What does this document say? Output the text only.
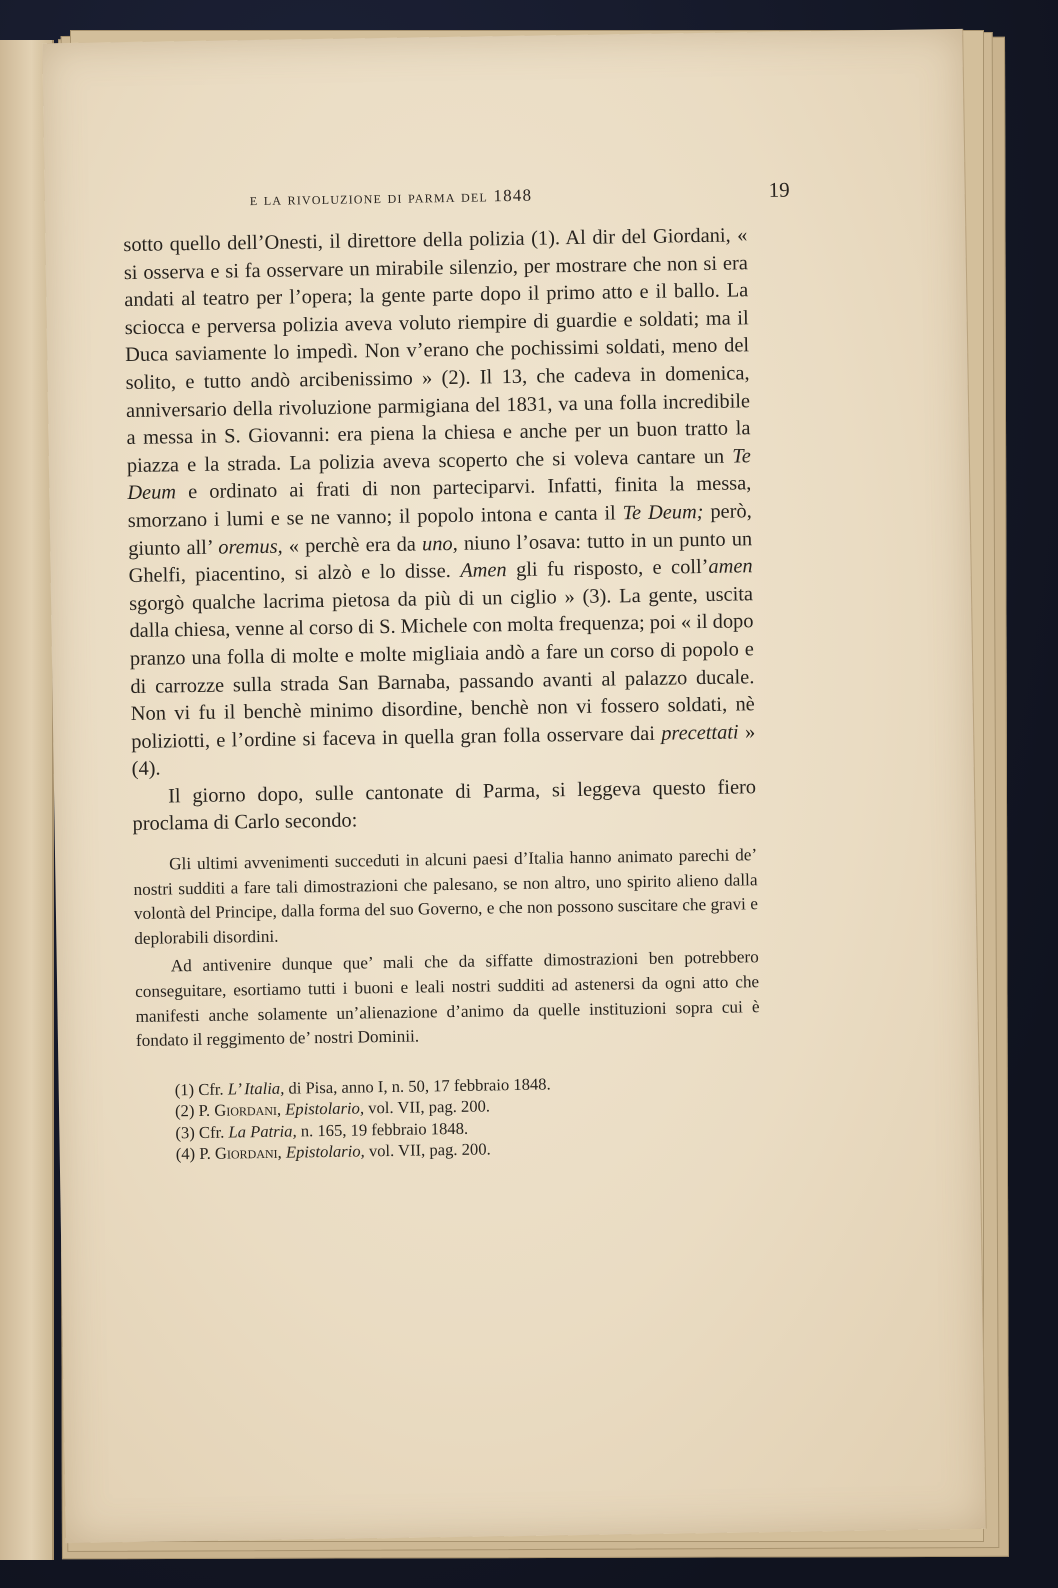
e la rivoluzione di parma del 1848	19

sotto quello dell’Onesti, il direttore della polizia (1). Al dir del Giordani, « si osserva e si fa osservare un mirabile silenzio, per mostrare che non si era andati al teatro per l’opera; la gente parte dopo il primo atto e il ballo. La sciocca e perversa polizia aveva voluto riempire di guardie e soldati; ma il Duca saviamente lo impedì. Non v’erano che pochissimi soldati, meno del solito, e tutto andò arcibenissimo » (2). Il 13, che cadeva in domenica, anniversario della rivoluzione parmigiana del 1831, va una folla incredibile a messa in S. Giovanni: era piena la chiesa e anche per un buon tratto la piazza e la strada. La polizia aveva scoperto che si voleva cantare un Te Deum e ordinato ai frati di non parteciparvi. Infatti, finita la messa, smorzano i lumi e se ne vanno; il popolo intona e canta il Te Deum; però, giunto all’ oremus, « perchè era da uno, niuno l’osava: tutto in un punto un Ghelfi, piacentino, si alzò e lo disse. Amen gli fu risposto, e coll’amen sgorgò qualche lacrima pietosa da più di un ciglio » (3). La gente, uscita dalla chiesa, venne al corso di S. Michele con molta frequenza; poi « il dopo pranzo una folla di molte e molte migliaia andò a fare un corso di popolo e di carrozze sulla strada San Barnaba, passando avanti al palazzo ducale. Non vi fu il benchè minimo disordine, benchè non vi fossero soldati, nè poliziotti, e l’ordine si faceva in quella gran folla osservare dai precettati » (4).

Il giorno dopo, sulle cantonate di Parma, si leggeva questo fiero proclama di Carlo secondo:

Gli ultimi avvenimenti succeduti in alcuni paesi d’Italia hanno animato parechi de’ nostri sudditi a fare tali dimostrazioni che palesano, se non altro, uno spirito alieno dalla volontà del Principe, dalla forma del suo Governo, e che non possono suscitare che gravi e deplorabili disordini.

Ad antivenire dunque que’ mali che da siffatte dimostrazioni ben potrebbero conseguitare, esortiamo tutti i buoni e leali nostri sudditi ad astenersi da ogni atto che manifesti anche solamente un’alienazione d’animo da quelle instituzioni sopra cui è fondato il reggimento de’ nostri Dominii.

(1) Cfr. L’ Italia, di Pisa, anno I, n. 50, 17 febbraio 1848.
(2) P. Giordani, Epistolario, vol. VII, pag. 200.
(3) Cfr. La Patria, n. 165, 19 febbraio 1848.
(4) P. Giordani, Epistolario, vol. VII, pag. 200.
